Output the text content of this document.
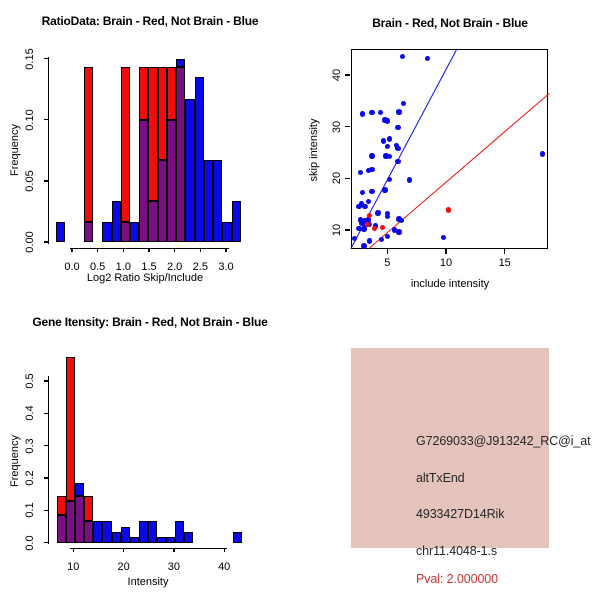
RatioData: Brain - Red, Not Brain - Blue
Log2 Ratio Skip/Include
Frequency
0.0 0.5 1.0 1.5 2.0 2.5 3.0
0.00
0.05
0.10
0.15
Brain - Red, Not Brain - Blue
include intensity
skip intensity
5	10	15
10
20
30
40
Gene Itensity: Brain - Red, Not Brain - Blue
Intensity
Frequency
10	20	30	40
0.0
0.1
0.2
0.3
0.4
0.5
G7269033@J913242_RC@i_at
altTxEnd
4933427D14Rik
chr11.4048-1.s
Pval: 2.000000
